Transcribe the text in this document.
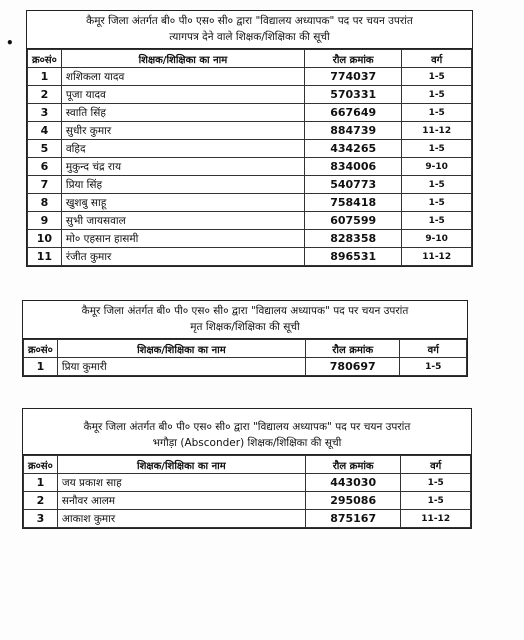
•
कैमूर जिला अंतर्गत बी० पी० एस० सी० द्वारा "विद्यालय अध्यापक" पद पर चयन उपरांत
त्यागपत्र देने वाले शिक्षक/शिक्षिका की सूची
क्र०सं०	शिक्षक/शिक्षिका का नाम	रौल क्रमांक	वर्ग
1	शशिकला यादव	774037	1-5
2	पूजा यादव	570331	1-5
3	स्वाति सिंह	667649	1-5
4	सुधीर कुमार	884739	11-12
5	वहिद	434265	1-5
6	मुकुन्द चंद्र राय	834006	9-10
7	प्रिया सिंह	540773	1-5
8	खुशबु साहू	758418	1-5
9	सुभी जायसवाल	607599	1-5
10	मो० एहसान हासमी	828358	9-10
11	रंजीत कुमार	896531	11-12
कैमूर जिला अंतर्गत बी० पी० एस० सी० द्वारा "विद्यालय अध्यापक" पद पर चयन उपरांत
मृत शिक्षक/शिक्षिका की सूची
क्र०सं०	शिक्षक/शिक्षिका का नाम	रौल क्रमांक	वर्ग
1	प्रिया कुमारी	780697	1-5
कैमूर जिला अंतर्गत बी० पी० एस० सी० द्वारा "विद्यालय अध्यापक" पद पर चयन उपरांत
भगौड़ा (Absconder) शिक्षक/शिक्षिका की सूची
क्र०सं०	शिक्षक/शिक्षिका का नाम	रौल क्रमांक	वर्ग
1	जय प्रकाश साह	443030	1-5
2	सनौवर आलम	295086	1-5
3	आकाश कुमार	875167	11-12
